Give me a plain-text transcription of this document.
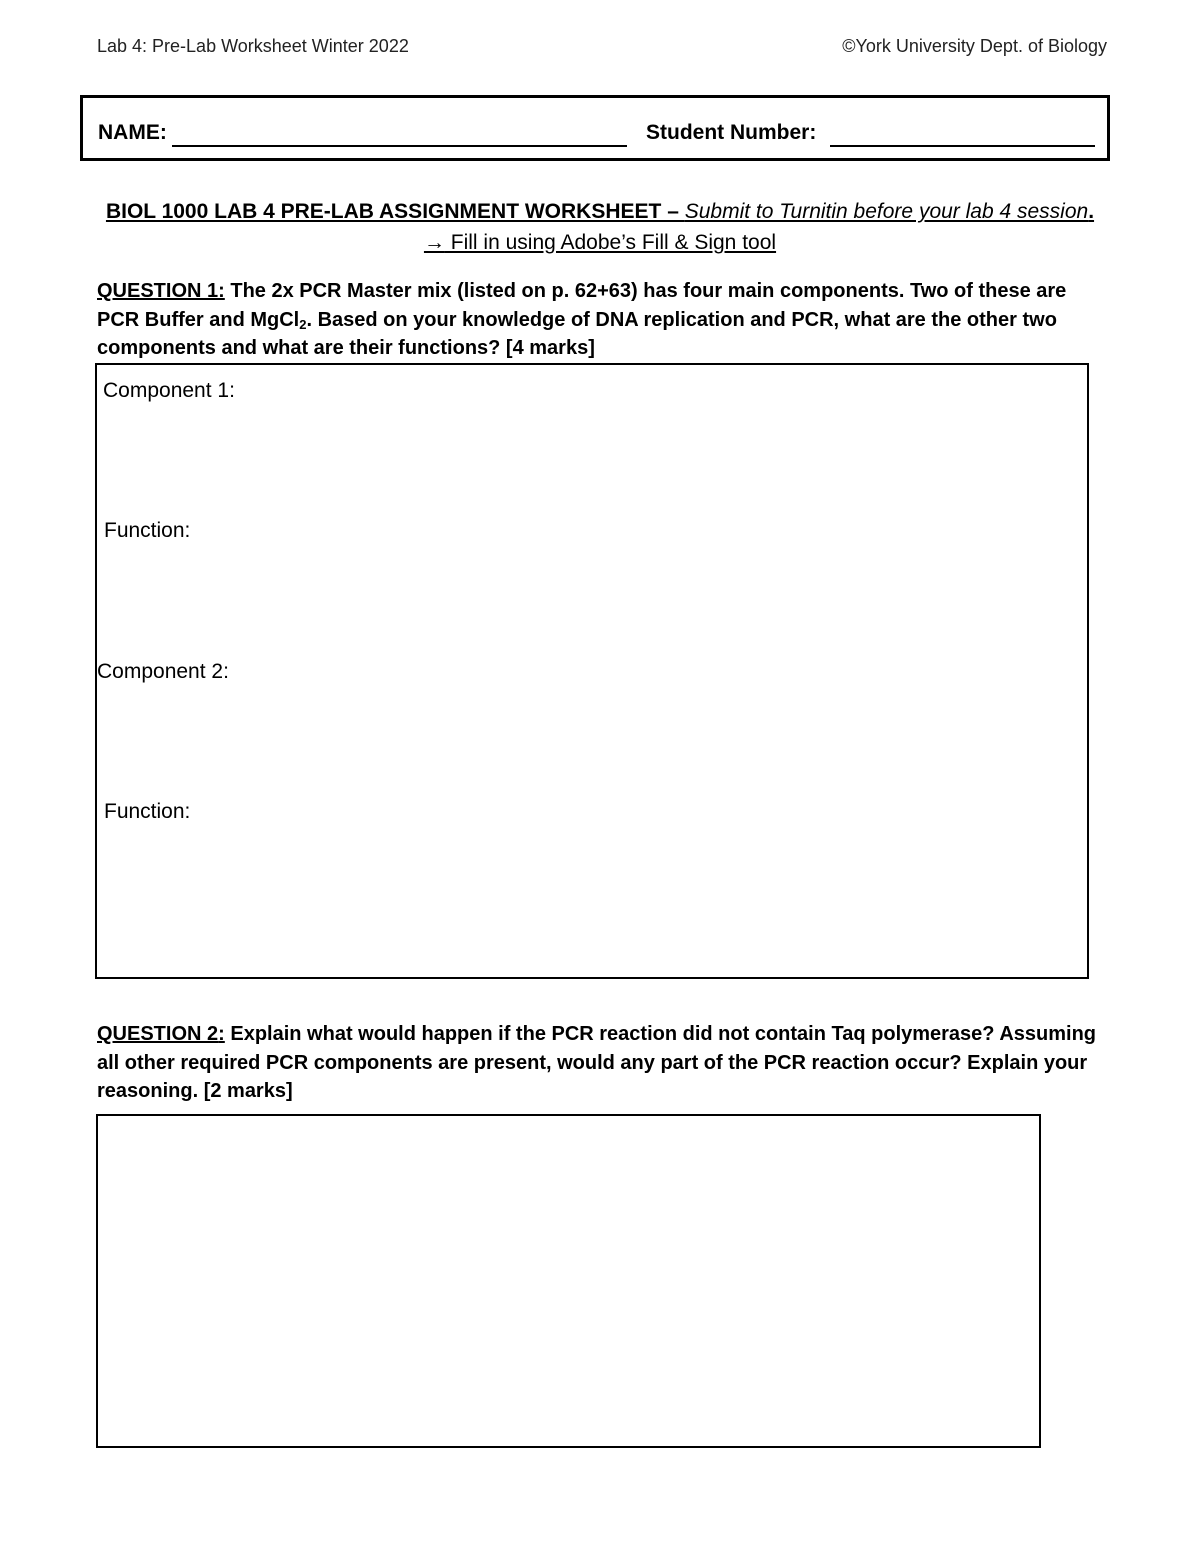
Lab 4: Pre-Lab Worksheet Winter 2022	©York University Dept. of Biology
NAME:	Student Number:
BIOL 1000 LAB 4 PRE-LAB ASSIGNMENT WORKSHEET – Submit to Turnitin before your lab 4 session. → Fill in using Adobe’s Fill & Sign tool
QUESTION 1: The 2x PCR Master mix (listed on p. 62+63) has four main components. Two of these are PCR Buffer and MgCl$_2$. Based on your knowledge of DNA replication and PCR, what are the other two components and what are their functions? [4 marks]
Component 1:
Function:
Component 2:
Function:
QUESTION 2: Explain what would happen if the PCR reaction did not contain Taq polymerase? Assuming all other required PCR components are present, would any part of the PCR reaction occur? Explain your reasoning. [2 marks]
